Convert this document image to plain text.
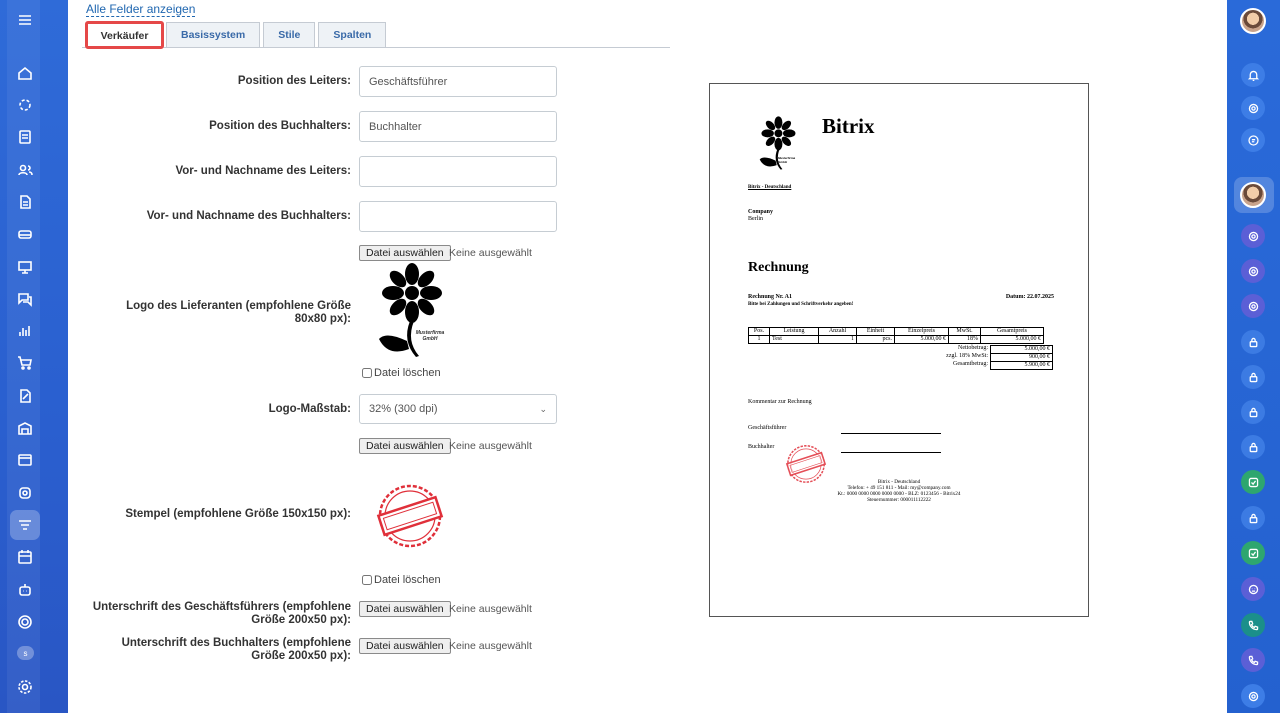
s
Alle Felder anzeigen
Verkäufer	Basissystem	Stile	Spalten
Position des Leiters:
Geschäftsführer
Position des Buchhalters:
Buchhalter
Vor- und Nachname des Leiters:
Vor- und Nachname des Buchhalters:
Datei auswählen Keine ausgewählt
Logo des Lieferanten (empfohlene Größe 80x80 px):
Musterfirma
GmbH
Datei löschen
Logo-Maßstab: 32% (300 dpi)	⌄
Datei auswählen Keine ausgewählt
Stempel (empfohlene Größe 150x150 px):
Datei löschen
Unterschrift des Geschäftsführers (empfohlene Größe 200x50 px):
Datei auswählen Keine ausgewählt
Unterschrift des Buchhalters (empfohlene Größe 200x50 px):
Datei auswählen Keine ausgewählt
Musterfirma
GmbH
Bitrix
Bitrix - Deutschland
Company
Berlin
Rechnung
Rechnung Nr. A1
Bitte bei Zahlungen und Schriftverkehr angeben!
Datum: 22.07.2025
Pos.	Leistung	Anzahl	Einheit	Einzelpreis	MwSt.	Gesamtpreis
1	Test	1	pcs.	5.000,00 €	18%	5.000,00 €
Nettobetrag:	5.000,00 €
zzgl. 18% MwSt:	900,00 €
Gesamtbetrag:	5.900,00 €
Kommentar zur Rechnung
Geschäftsführer
Buchhalter
Bitrix - Deutschland
Telefon: + 49 151 811 - Mail: my@company.com
Kt.: 0000 0000 0000 0000 0000 - BLZ: 0123456 - Bitrix24
Steuernummer: 000011112222
